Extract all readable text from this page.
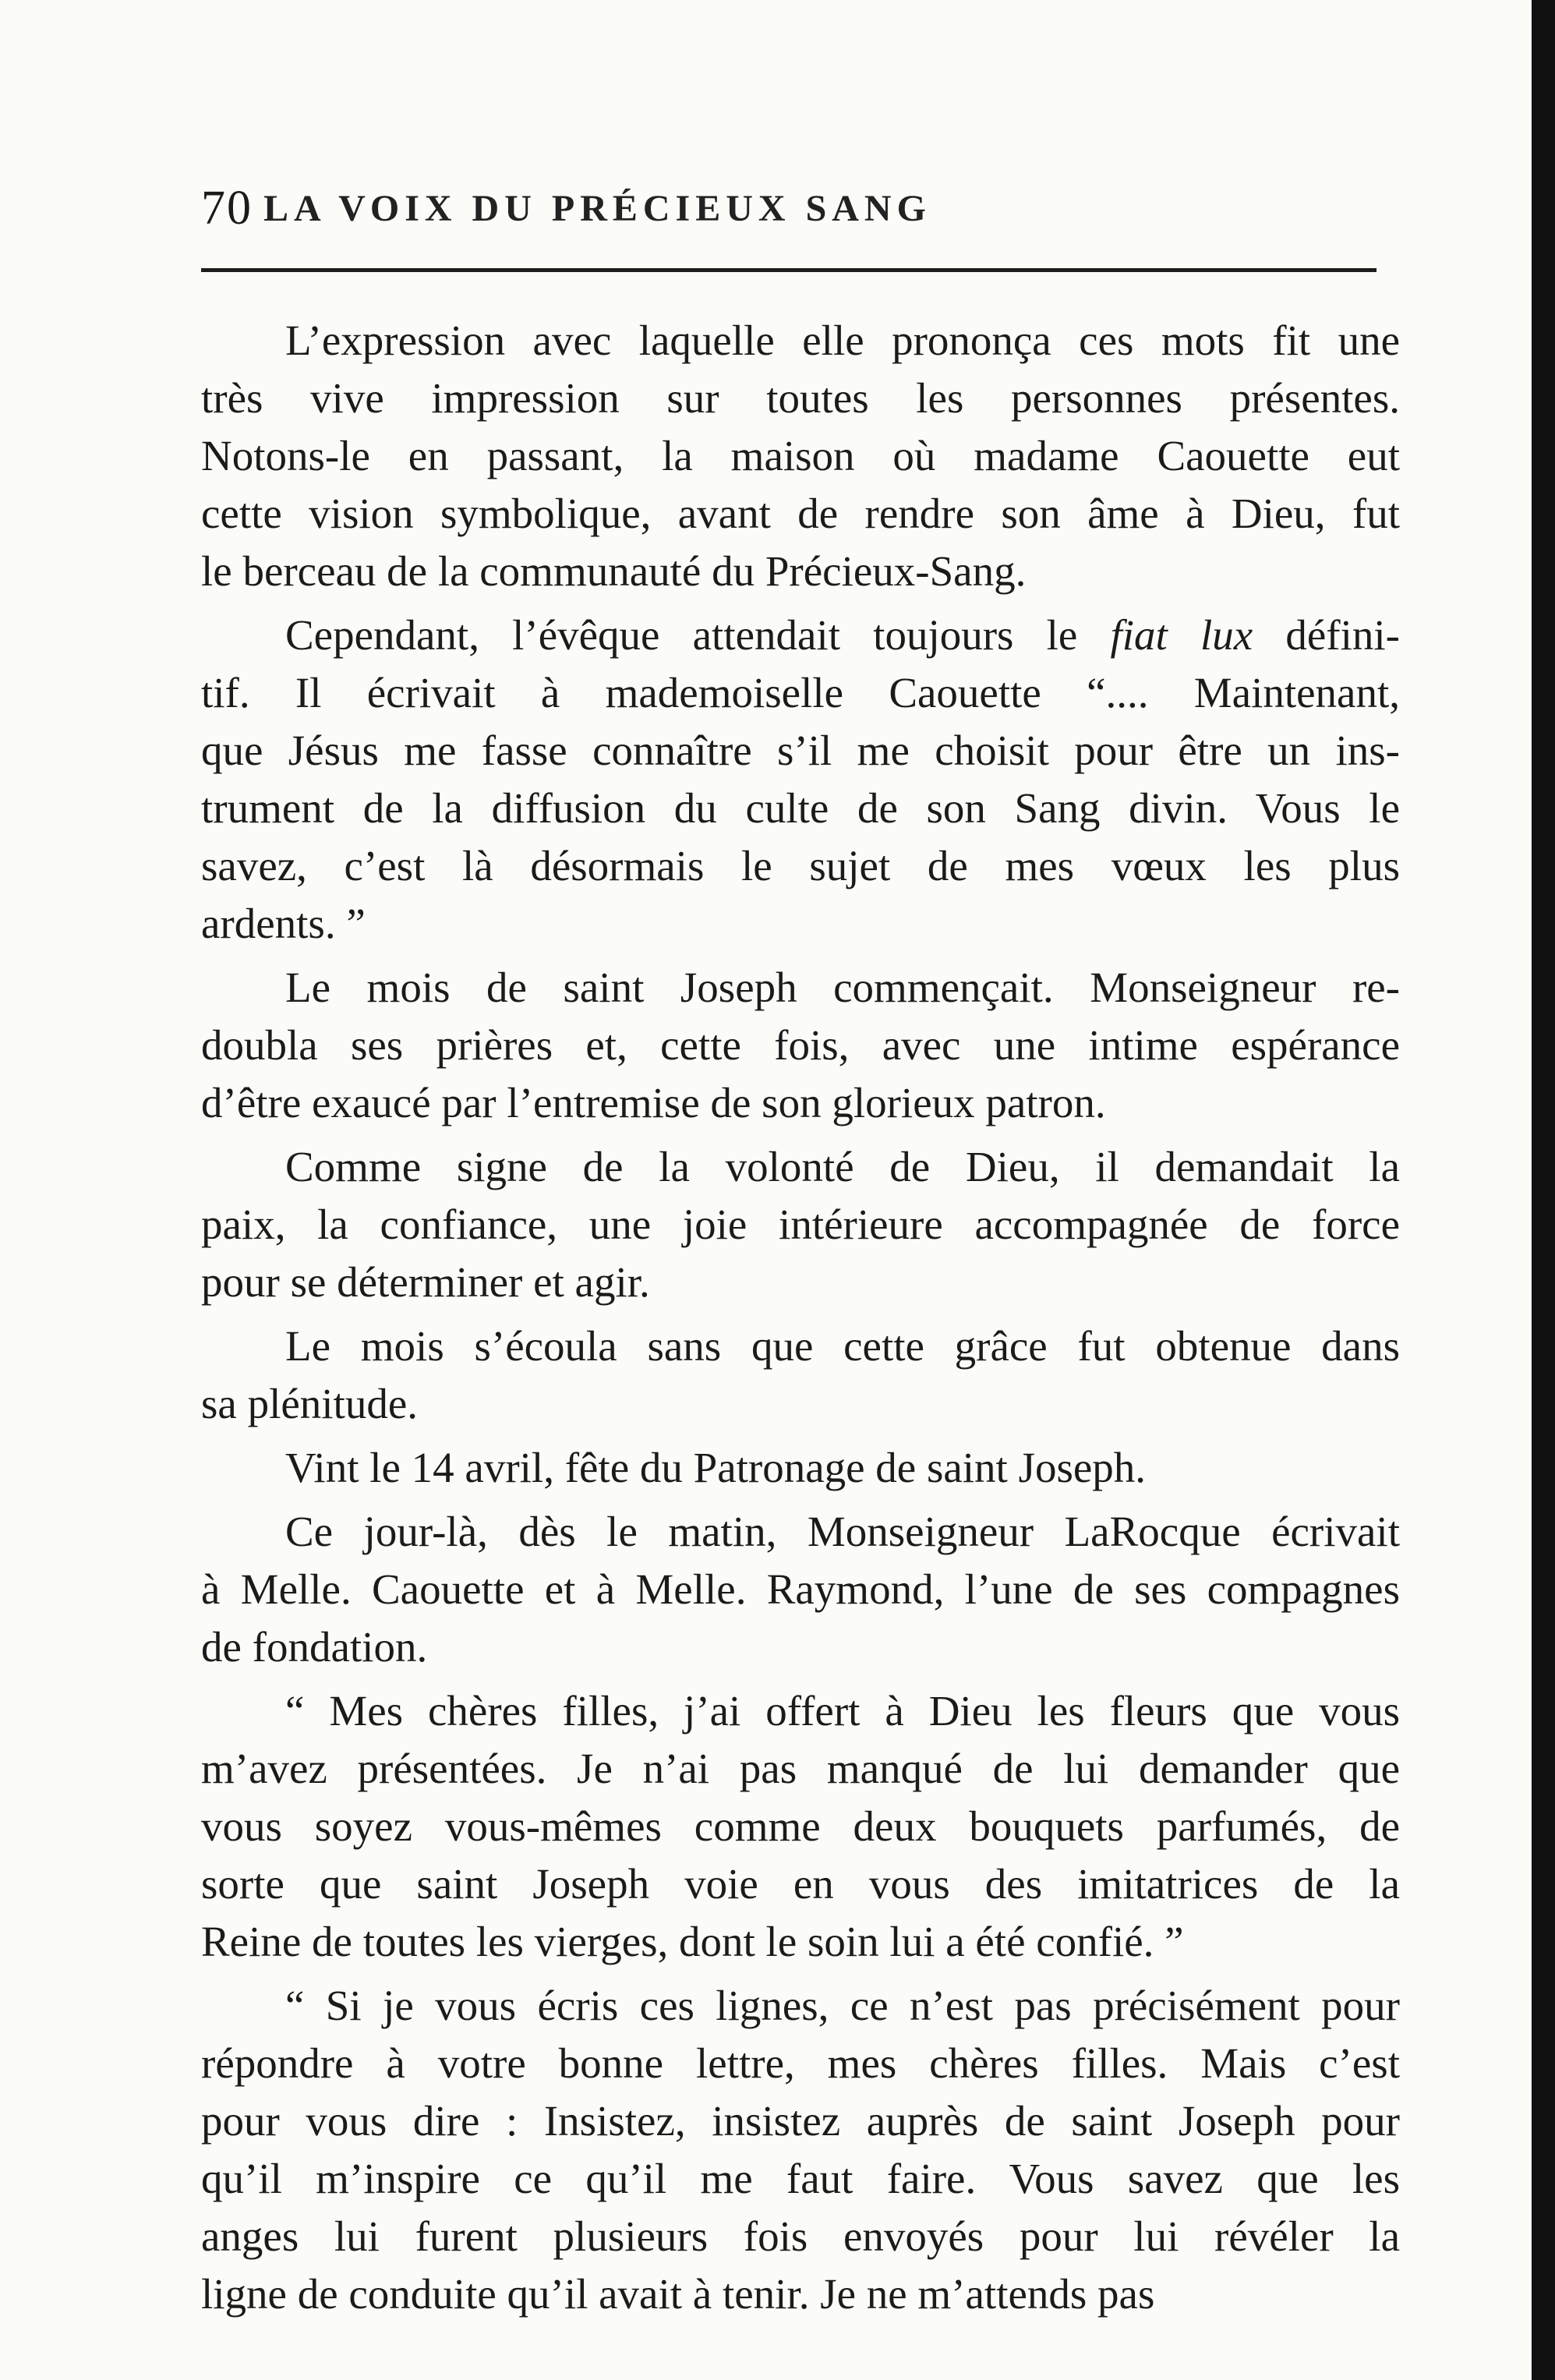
70 LA VOIX DU PRÉCIEUX SANG
L’expression avec laquelle elle prononça ces mots fit une
très vive impression sur toutes les personnes présentes.
Notons-le en passant, la maison où madame Caouette eut
cette vision symbolique, avant de rendre son âme à Dieu, fut
le berceau de la communauté du Précieux-Sang.
Cependant, l’évêque attendait toujours le fiat lux défini-
tif. Il écrivait à mademoiselle Caouette “.... Maintenant,
que Jésus me fasse connaître s’il me choisit pour être un ins-
trument de la diffusion du culte de son Sang divin. Vous le
savez, c’est là désormais le sujet de mes vœux les plus
ardents. ”
Le mois de saint Joseph commençait. Monseigneur re-
doubla ses prières et, cette fois, avec une intime espérance
d’être exaucé par l’entremise de son glorieux patron.
Comme signe de la volonté de Dieu, il demandait la
paix, la confiance, une joie intérieure accompagnée de force
pour se déterminer et agir.
Le mois s’écoula sans que cette grâce fut obtenue dans
sa plénitude.
Vint le 14 avril, fête du Patronage de saint Joseph.
Ce jour-là, dès le matin, Monseigneur LaRocque écrivait
à Melle. Caouette et à Melle. Raymond, l’une de ses compagnes
de fondation.
“ Mes chères filles, j’ai offert à Dieu les fleurs que vous
m’avez présentées. Je n’ai pas manqué de lui demander que
vous soyez vous-mêmes comme deux bouquets parfumés, de
sorte que saint Joseph voie en vous des imitatrices de la
Reine de toutes les vierges, dont le soin lui a été confié. ”
“ Si je vous écris ces lignes, ce n’est pas précisément pour
répondre à votre bonne lettre, mes chères filles. Mais c’est
pour vous dire : Insistez, insistez auprès de saint Joseph pour
qu’il m’inspire ce qu’il me faut faire. Vous savez que les
anges lui furent plusieurs fois envoyés pour lui révéler la
ligne de conduite qu’il avait à tenir. Je ne m’attends pas
